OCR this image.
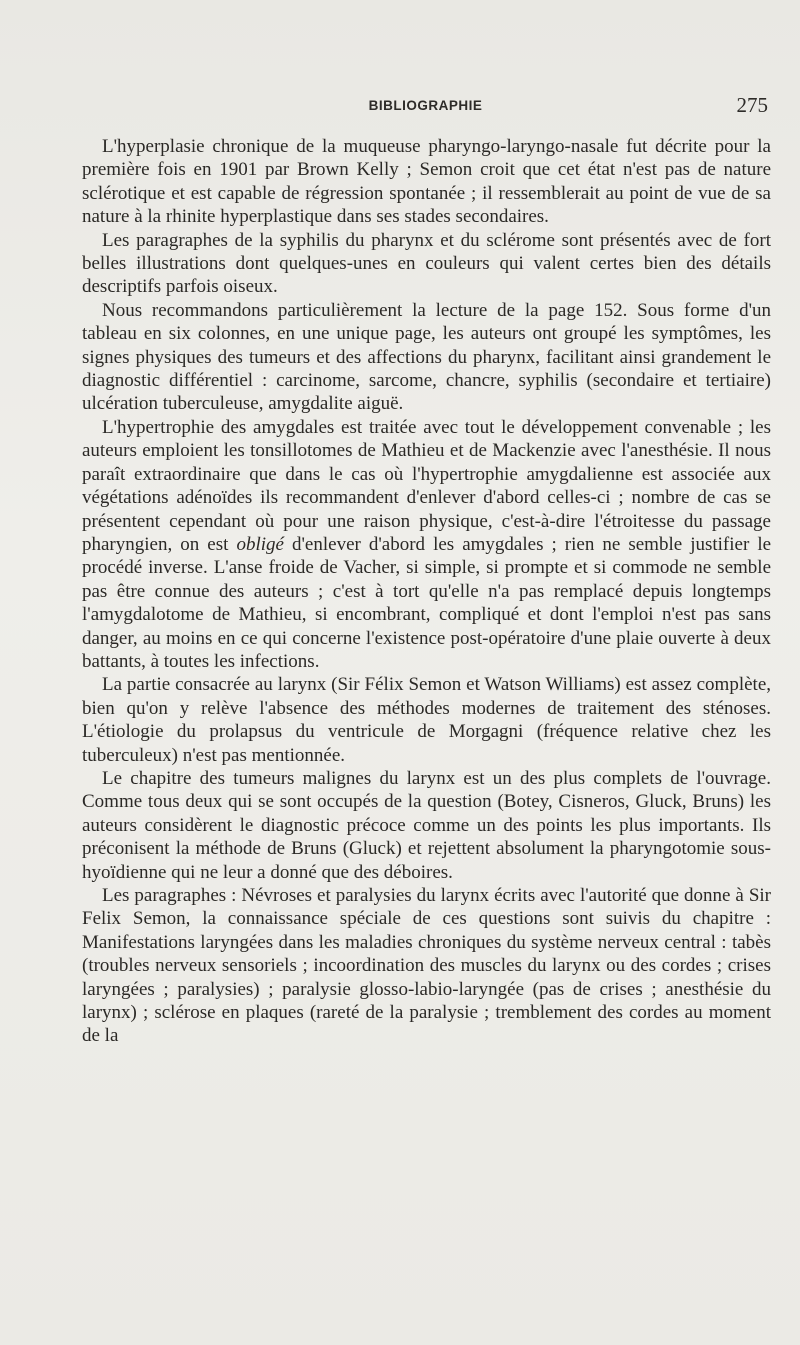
BIBLIOGRAPHIE	275

L'hyperplasie chronique de la muqueuse pharyngo-laryngo-nasale fut décrite pour la première fois en 1901 par Brown Kelly ; Semon croit que cet état n'est pas de nature sclérotique et est capable de régression spontanée ; il ressemblerait au point de vue de sa nature à la rhinite hyperplastique dans ses stades secondaires.

Les paragraphes de la syphilis du pharynx et du sclérome sont présentés avec de fort belles illustrations dont quelques-unes en couleurs qui valent certes bien des détails descriptifs parfois oiseux.

Nous recommandons particulièrement la lecture de la page 152. Sous forme d'un tableau en six colonnes, en une unique page, les auteurs ont groupé les symptômes, les signes physiques des tumeurs et des affections du pharynx, facilitant ainsi grandement le diagnostic différentiel : carcinome, sarcome, chancre, syphilis (secondaire et tertiaire) ulcération tuberculeuse, amygdalite aiguë.

L'hypertrophie des amygdales est traitée avec tout le développement convenable ; les auteurs emploient les tonsillotomes de Mathieu et de Mackenzie avec l'anesthésie. Il nous paraît extraordinaire que dans le cas où l'hypertrophie amygdalienne est associée aux végétations adénoïdes ils recommandent d'enlever d'abord celles-ci ; nombre de cas se présentent cependant où pour une raison physique, c'est-à-dire l'étroitesse du passage pharyngien, on est obligé d'enlever d'abord les amygdales ; rien ne semble justifier le procédé inverse. L'anse froide de Vacher, si simple, si prompte et si commode ne semble pas être connue des auteurs ; c'est à tort qu'elle n'a pas remplacé depuis longtemps l'amygdalotome de Mathieu, si encombrant, compliqué et dont l'emploi n'est pas sans danger, au moins en ce qui concerne l'existence post-opératoire d'une plaie ouverte à deux battants, à toutes les infections.

La partie consacrée au larynx (Sir Félix Semon et Watson Williams) est assez complète, bien qu'on y relève l'absence des méthodes modernes de traitement des sténoses. L'étiologie du prolapsus du ventricule de Morgagni (fréquence relative chez les tuberculeux) n'est pas mentionnée.

Le chapitre des tumeurs malignes du larynx est un des plus complets de l'ouvrage. Comme tous deux qui se sont occupés de la question (Botey, Cisneros, Gluck, Bruns) les auteurs considèrent le diagnostic précoce comme un des points les plus importants. Ils préconisent la méthode de Bruns (Gluck) et rejettent absolument la pharyngotomie sous-hyoïdienne qui ne leur a donné que des déboires.

Les paragraphes : Névroses et paralysies du larynx écrits avec l'autorité que donne à Sir Felix Semon, la connaissance spéciale de ces questions sont suivis du chapitre : Manifestations laryngées dans les maladies chroniques du système nerveux central : tabès (troubles nerveux sensoriels ; incoordination des muscles du larynx ou des cordes ; crises laryngées ; paralysies) ; paralysie glosso-labio-laryngée (pas de crises ; anesthésie du larynx) ; sclérose en plaques (rareté de la paralysie ; tremblement des cordes au moment de la
